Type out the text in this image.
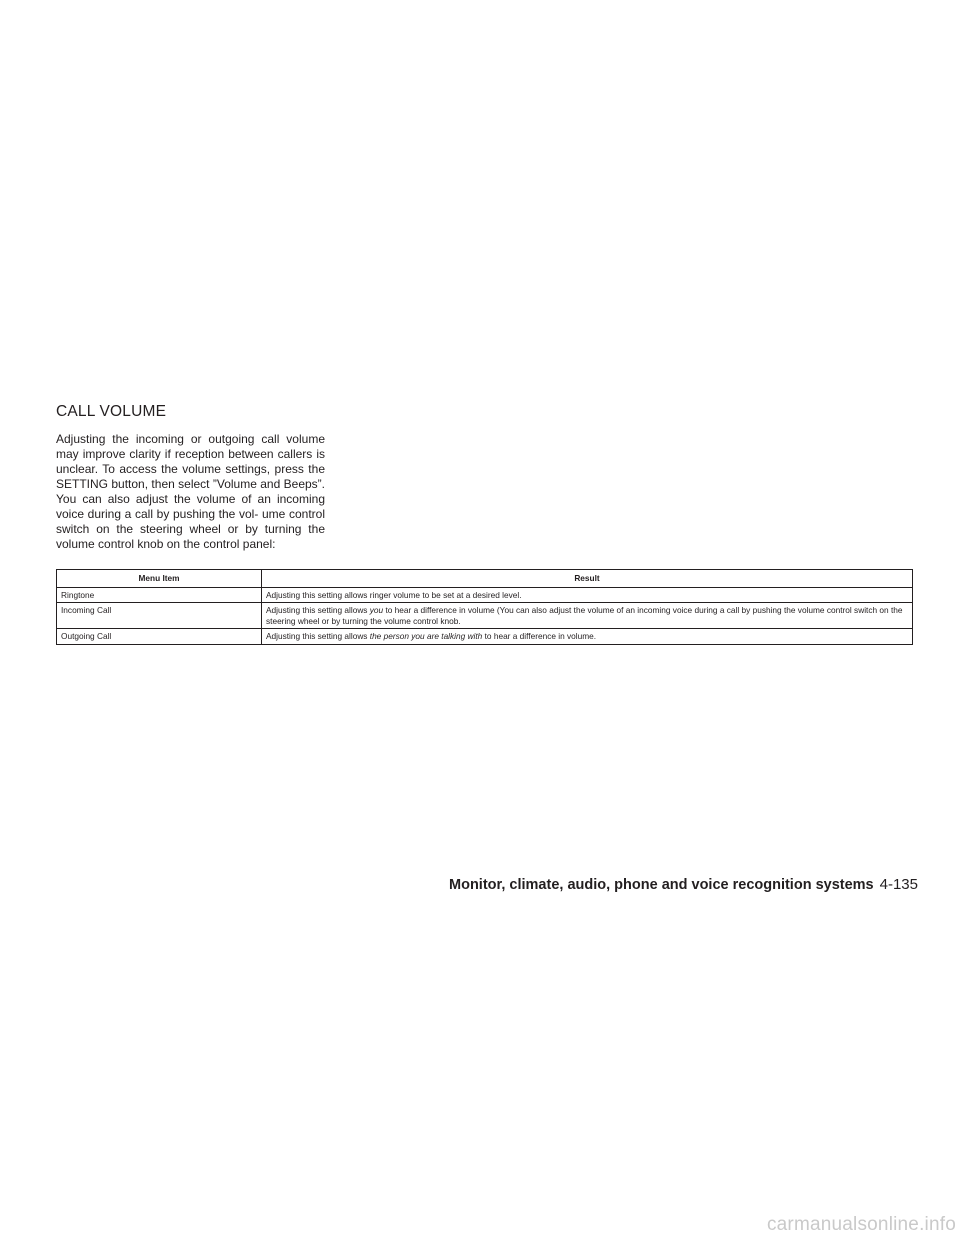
CALL VOLUME

Adjusting the incoming or outgoing call volume may improve clarity if reception between callers is unclear. To access the volume settings, press the SETTING button, then select ”Volume and Beeps”. You can also adjust the volume of an incoming voice during a call by pushing the vol- ume control switch on the steering wheel or by turning the volume control knob on the control panel:

Menu Item	Result
Ringtone	Adjusting this setting allows ringer volume to be set at a desired level.
Incoming Call	Adjusting this setting allows you to hear a difference in volume (You can also adjust the volume of an incoming voice during a call by pushing the volume control switch on the steering wheel or by turning the volume control knob.
Outgoing Call	Adjusting this setting allows the person you are talking with to hear a difference in volume.
Monitor, climate, audio, phone and voice recognition systems 4-135
carmanualsonline.info
